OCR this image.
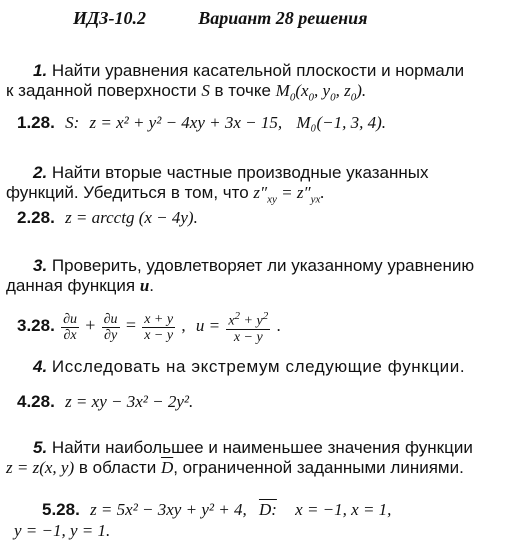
ИДЗ-10.2	Вариант 28 решения
1. Найти уравнения касательной плоскости и нормали
к заданной поверхности S в точке $M_0(x_0$, $y_0$, $z_0$).
1.28. S: z = x² + y² − 4xy + 3x − 15, M₀(−1, 3, 4).
2. Найти вторые частные производные указанных
функций. Убедиться в том, что $z''_{xy} = z''_{yx}$.
2.28. z = arcctg (x − 4y).
3. Проверить, удовлетворяет ли указанному уравнению
данная функция u.
3.28. $\frac{\partial u}{\partial x} + \frac{\partial u}{\partial y} = \frac{x + y}{x - y}$ , $u = \frac{x^2 + y^2}{x - y}$ .
4. Исследовать на экстремум следующие функции.
4.28. z = xy − 3x² − 2y².
5. Найти наибольшее и наименьшее значения функции
z = z(x, y) в области $\overline{D}$, ограниченной заданными линиями.
5.28. z = 5x² − 3xy + y² + 4, D: x = −1, x = 1,
y = −1, y = 1.
